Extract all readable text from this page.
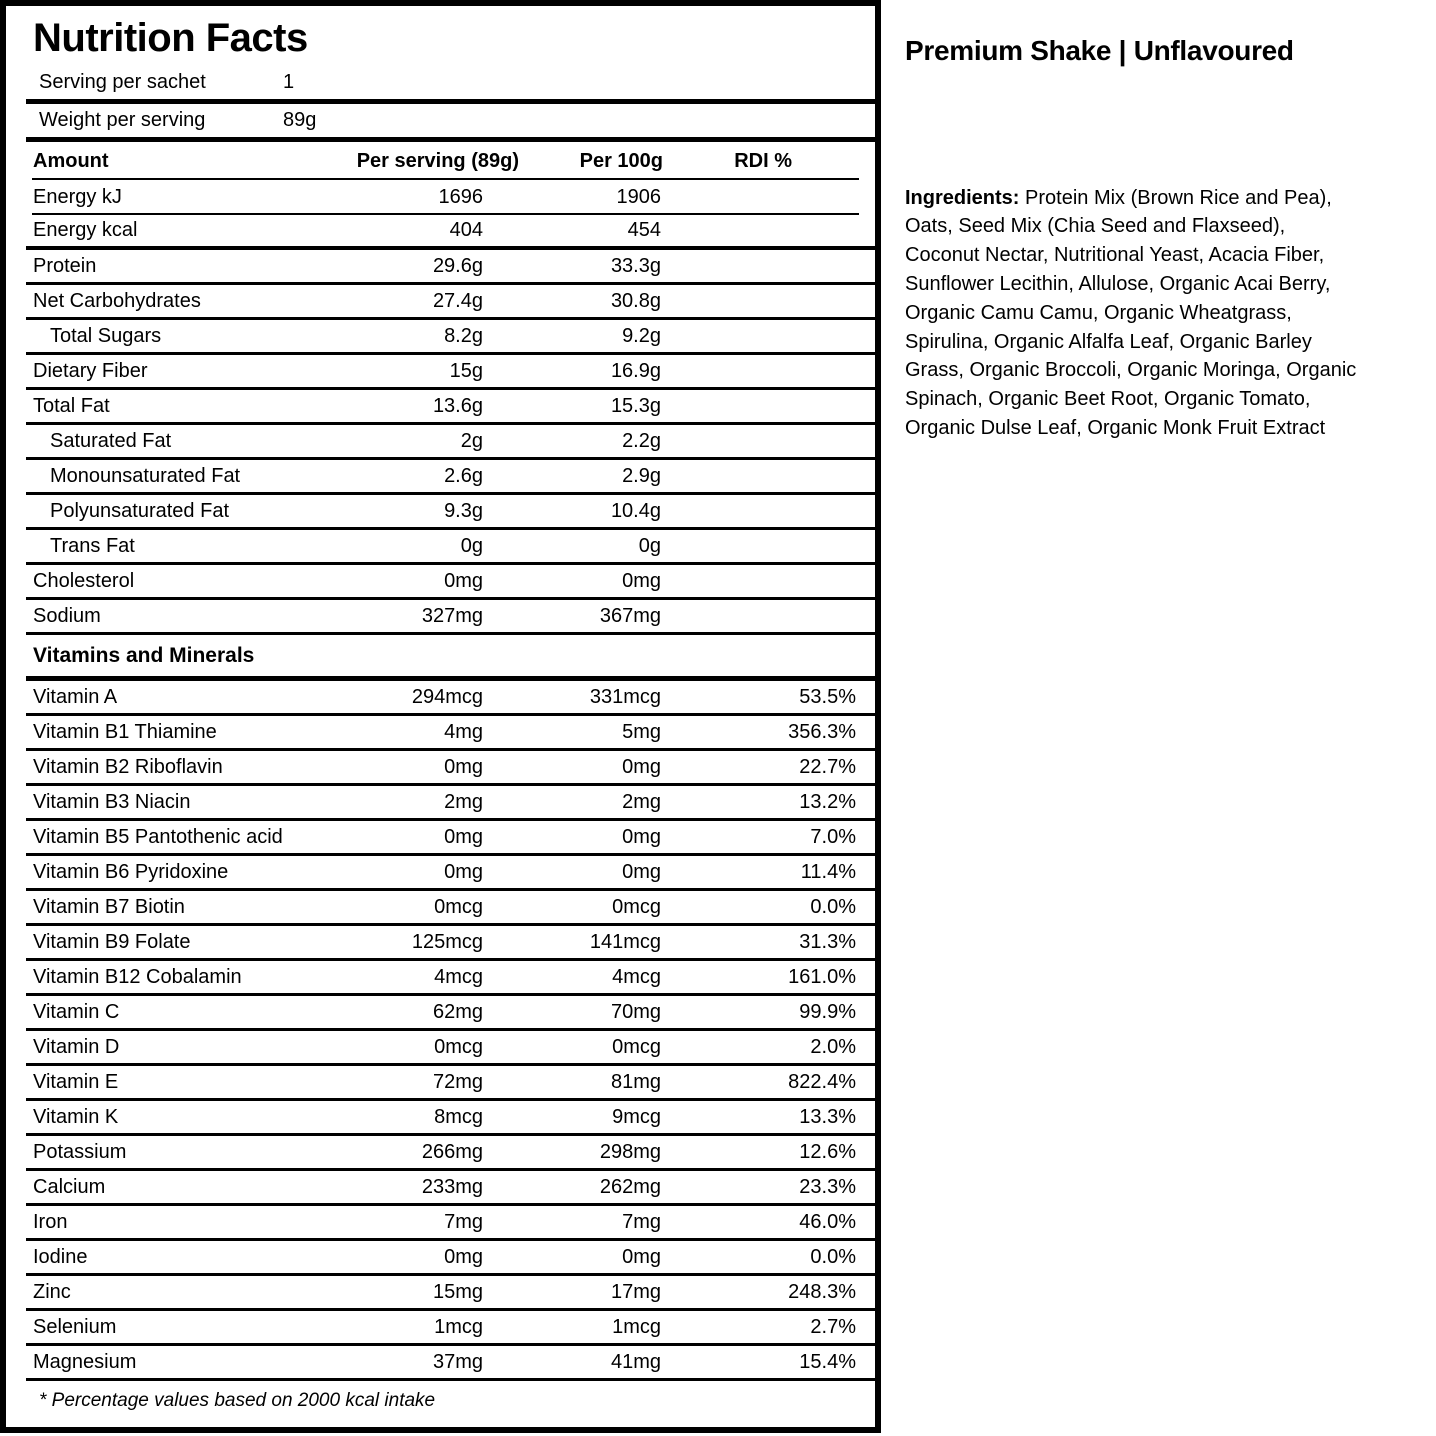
Nutrition Facts
Serving per sachet	1
Weight per serving	89g
Amount	Per serving (89g)	Per 100g	RDI %
Energy kJ	1696	1906
Energy kcal	404	454
Protein	29.6g	33.3g
Net Carbohydrates	27.4g	30.8g
Total Sugars	8.2g	9.2g
Dietary Fiber	15g	16.9g
Total Fat	13.6g	15.3g
Saturated Fat	2g	2.2g
Monounsaturated Fat	2.6g	2.9g
Polyunsaturated Fat	9.3g	10.4g
Trans Fat	0g	0g
Cholesterol	0mg	0mg
Sodium	327mg	367mg
Vitamins and Minerals
Vitamin A	294mcg	331mcg	53.5%
Vitamin B1 Thiamine	4mg	5mg	356.3%
Vitamin B2 Riboflavin	0mg	0mg	22.7%
Vitamin B3 Niacin	2mg	2mg	13.2%
Vitamin B5 Pantothenic acid	0mg	0mg	7.0%
Vitamin B6 Pyridoxine	0mg	0mg	11.4%
Vitamin B7 Biotin	0mcg	0mcg	0.0%
Vitamin B9 Folate	125mcg	141mcg	31.3%
Vitamin B12 Cobalamin	4mcg	4mcg	161.0%
Vitamin C	62mg	70mg	99.9%
Vitamin D	0mcg	0mcg	2.0%
Vitamin E	72mg	81mg	822.4%
Vitamin K	8mcg	9mcg	13.3%
Potassium	266mg	298mg	12.6%
Calcium	233mg	262mg	23.3%
Iron	7mg	7mg	46.0%
Iodine	0mg	0mg	0.0%
Zinc	15mg	17mg	248.3%
Selenium	1mcg	1mcg	2.7%
Magnesium	37mg	41mg	15.4%
* Percentage values based on 2000 kcal intake
Premium Shake | Unflavoured

Ingredients: Protein Mix (Brown Rice and Pea), Oats, Seed Mix (Chia Seed and Flaxseed), Coconut Nectar, Nutritional Yeast, Acacia Fiber, Sunflower Lecithin, Allulose, Organic Acai Berry, Organic Camu Camu, Organic Wheatgrass, Spirulina, Organic Alfalfa Leaf, Organic Barley Grass, Organic Broccoli, Organic Moringa, Organic Spinach, Organic Beet Root, Organic Tomato, Organic Dulse Leaf, Organic Monk Fruit Extract
